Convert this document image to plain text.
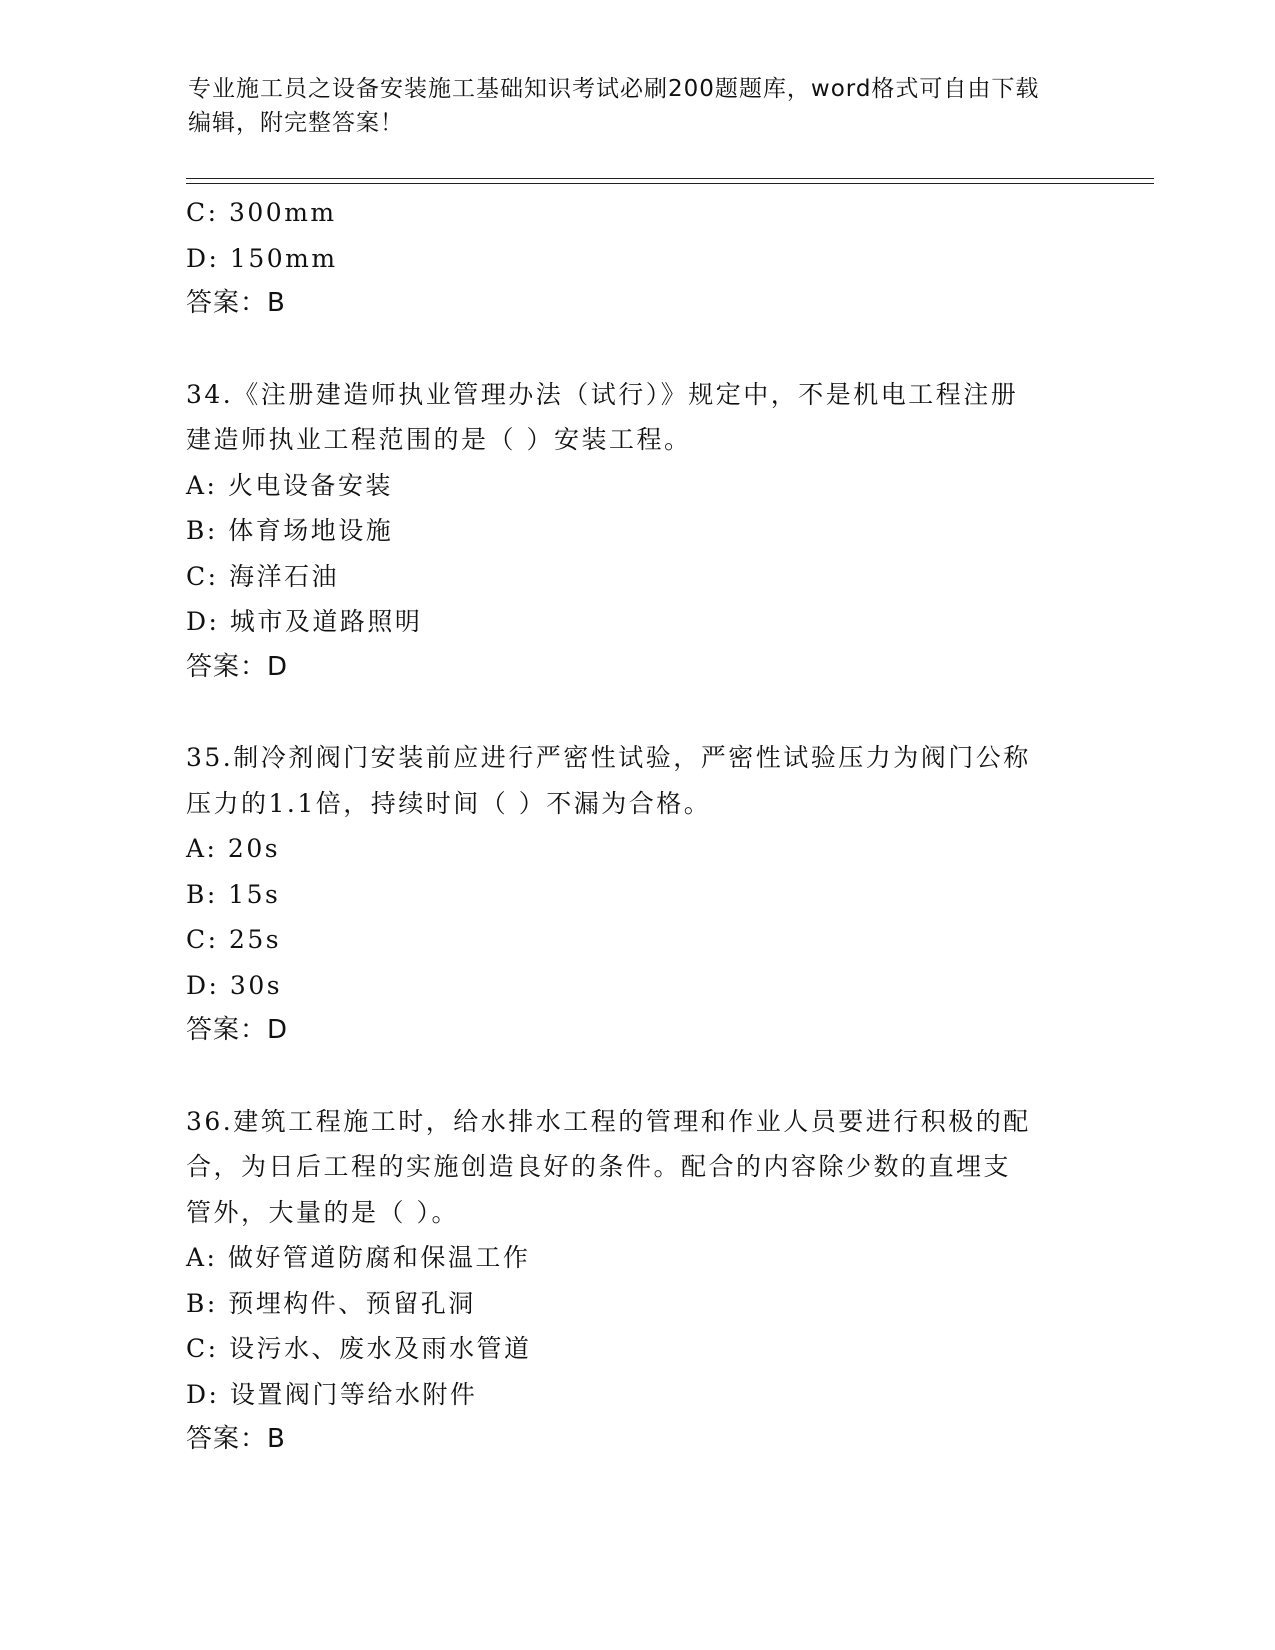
专业施工员之设备安装施工基础知识考试必刷200题题库，word格式可自由下载
编辑，附完整答案！
C: 300mm
D: 150mm
答案：B
34.《注册建造师执业管理办法（试行）》规定中，不是机电工程注册
建造师执业工程范围的是（ ）安装工程。
A: 火电设备安装
B: 体育场地设施
C: 海洋石油
D: 城市及道路照明
答案：D
35.制冷剂阀门安装前应进行严密性试验，严密性试验压力为阀门公称
压力的1.1倍，持续时间（ ）不漏为合格。
A: 20s
B: 15s
C: 25s
D: 30s
答案：D
36.建筑工程施工时，给水排水工程的管理和作业人员要进行积极的配
合，为日后工程的实施创造良好的条件。配合的内容除少数的直埋支
管外，大量的是（ ）。
A: 做好管道防腐和保温工作
B: 预埋构件、预留孔洞
C: 设污水、废水及雨水管道
D: 设置阀门等给水附件
答案：B
